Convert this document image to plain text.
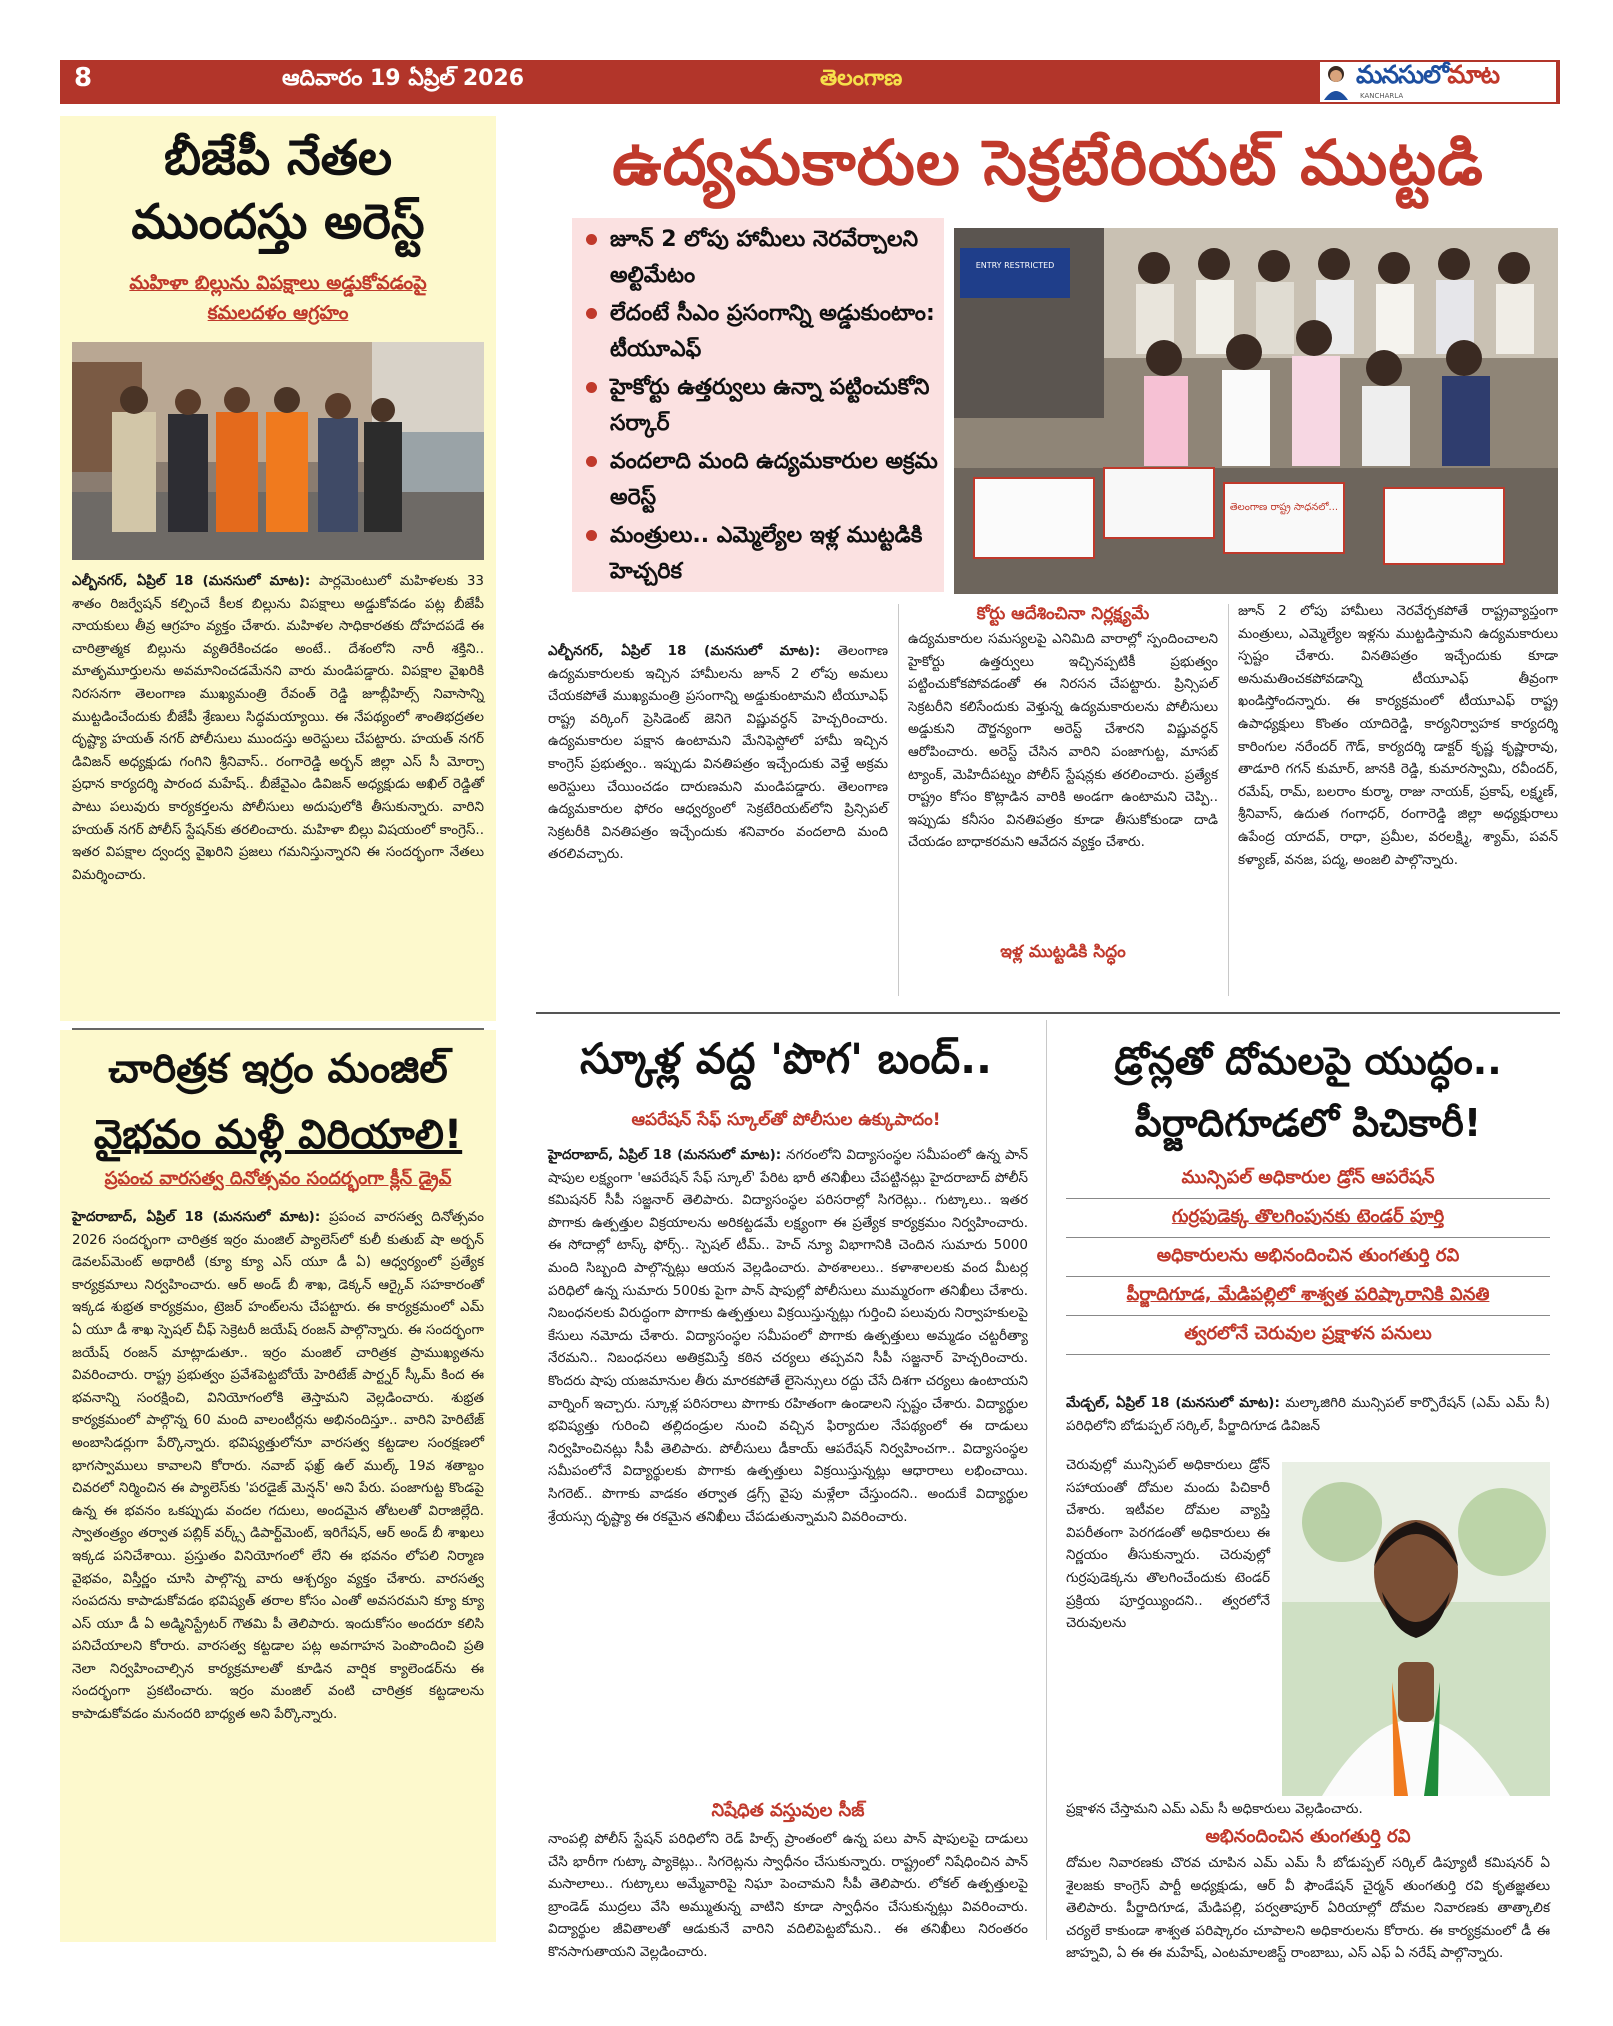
8	ఆదివారం 19 ఏప్రిల్ 2026	తెలంగాణ	మనసులోమాట
KANCHARLA
బీజేపీ నేతల
ముందస్తు అరెస్ట్
మహిళా బిల్లును విపక్షాలు అడ్డుకోవడంపై
కమలదళం ఆగ్రహం

ఎల్బీనగర్, ఏప్రిల్ 18 (మనసులో మాట): పార్లమెంటులో మహిళలకు 33 శాతం రిజర్వేషన్ కల్పించే కీలక బిల్లును విపక్షాలు అడ్డుకోవడం పట్ల బీజేపీ నాయకులు తీవ్ర ఆగ్రహం వ్యక్తం చేశారు. మహిళల సాధికారతకు దోహదపడే ఈ చారిత్రాత్మక బిల్లును వ్యతిరేకించడం అంటే.. దేశంలోని నారీ శక్తిని.. మాతృమూర్తులను అవమానించడమేనని వారు మండిపడ్డారు. విపక్షాల వైఖరికి నిరసనగా తెలంగాణ ముఖ్యమంత్రి రేవంత్ రెడ్డి జూబ్లీహిల్స్ నివాసాన్ని ముట్టడించేందుకు బీజేపీ శ్రేణులు సిద్ధమయ్యాయి. ఈ నేపథ్యంలో శాంతిభద్రతల దృష్ట్యా హయత్ నగర్ పోలీసులు ముందస్తు అరెస్టులు చేపట్టారు. హయత్ నగర్ డివిజన్ అధ్యక్షుడు గంగిని శ్రీనివాస్.. రంగారెడ్డి అర్బన్ జిల్లా ఎస్ సీ మోర్చా ప్రధాన కార్యదర్శి పారంద మహేష్.. బీజేవైఎం డివిజన్ అధ్యక్షుడు అఖిల్ రెడ్డితో పాటు పలువురు కార్యకర్తలను పోలీసులు అదుపులోకి తీసుకున్నారు. వారిని హయత్ నగర్ పోలీస్ స్టేషన్‌కు తరలించారు. మహిళా బిల్లు విషయంలో కాంగ్రెస్.. ఇతర విపక్షాల ద్వంద్వ వైఖరిని ప్రజలు గమనిస్తున్నారని ఈ సందర్భంగా నేతలు విమర్శించారు.

చారిత్రక ఇర్రం మంజిల్
వైభవం మళ్లీ విరియాలి!
ప్రపంచ వారసత్వ దినోత్సవం సందర్భంగా క్లీన్ డ్రైవ్

హైదరాబాద్, ఏప్రిల్ 18 (మనసులో మాట): ప్రపంచ వారసత్వ దినోత్సవం 2026 సందర్భంగా చారిత్రక ఇర్రం మంజిల్ ప్యాలెస్‌లో కులీ కుతుబ్ షా అర్బన్ డెవలప్‌మెంట్ అథారిటీ (క్యూ క్యూ ఎస్ యూ డీ ఏ) ఆధ్వర్యంలో ప్రత్యేక కార్యక్రమాలు నిర్వహించారు. ఆర్ అండ్ బీ శాఖ, డెక్కన్ ఆర్కైవ్ సహకారంతో ఇక్కడ శుభ్రత కార్యక్రమం, ట్రెజర్ హంట్‌లను చేపట్టారు. ఈ కార్యక్రమంలో ఎమ్ ఏ యూ డీ శాఖ స్పెషల్ చీఫ్ సెక్రెటరీ జయేష్ రంజన్ పాల్గొన్నారు. ఈ సందర్భంగా జయేష్ రంజన్ మాట్లాడుతూ.. ఇర్రం మంజిల్ చారిత్రక ప్రాముఖ్యతను వివరించారు. రాష్ట్ర ప్రభుత్వం ప్రవేశపెట్టబోయే హెరిటేజ్ పార్ట్నర్ స్కీమ్ కింద ఈ భవనాన్ని సంరక్షించి, వినియోగంలోకి తెస్తామని వెల్లడించారు. శుభ్రత కార్యక్రమంలో పాల్గొన్న 60 మంది వాలంటీర్లను అభినందిస్తూ.. వారిని హెరిటేజ్ అంబాసిడర్లుగా పేర్కొన్నారు. భవిష్యత్తులోనూ వారసత్వ కట్టడాల సంరక్షణలో భాగస్వాములు కావాలని కోరారు. నవాబ్ ఫఖ్ర్ ఉల్ ముల్క్ 19వ శతాబ్దం చివరలో నిర్మించిన ఈ ప్యాలెస్‌కు 'పరడైజ్ మెన్షన్' అని పేరు. పంజాగుట్ట కొండపై ఉన్న ఈ భవనం ఒకప్పుడు వందల గదులు, అందమైన తోటలతో విరాజిల్లేది. స్వాతంత్ర్యం తర్వాత పబ్లిక్ వర్క్స్ డిపార్ట్‌మెంట్, ఇరిగేషన్, ఆర్ అండ్ బీ శాఖలు ఇక్కడ పనిచేశాయి. ప్రస్తుతం వినియోగంలో లేని ఈ భవనం లోపలి నిర్మాణ వైభవం, విస్తీర్ణం చూసి పాల్గొన్న వారు ఆశ్చర్యం వ్యక్తం చేశారు. వారసత్వ సంపదను కాపాడుకోవడం భవిష్యత్ తరాల కోసం ఎంతో అవసరమని క్యూ క్యూ ఎస్ యూ డీ ఏ అడ్మినిస్ట్రేటర్ గౌతమి పీ తెలిపారు. ఇందుకోసం అందరూ కలిసి పనిచేయాలని కోరారు. వారసత్వ కట్టడాల పట్ల అవగాహన పెంపొందించి ప్రతి నెలా నిర్వహించాల్సిన కార్యక్రమాలతో కూడిన వార్షిక క్యాలెండర్‌ను ఈ సందర్భంగా ప్రకటించారు. ఇర్రం మంజిల్ వంటి చారిత్రక కట్టడాలను కాపాడుకోవడం మనందరి బాధ్యత అని పేర్కొన్నారు.

ఉద్యమకారుల సెక్రటేరియట్ ముట్టడి
జూన్ 2 లోపు హామీలు నెరవేర్చాలని అల్టిమేటం
లేదంటే సీఎం ప్రసంగాన్ని అడ్డుకుంటాం: టీయూఎఫ్
హైకోర్టు ఉత్తర్వులు ఉన్నా పట్టించుకోని సర్కార్
వందలాది మంది ఉద్యమకారుల అక్రమ అరెస్ట్
మంత్రులు.. ఎమ్మెల్యేల ఇళ్ల ముట్టడికి హెచ్చరిక
ENTRY RESTRICTED
తెలంగాణ రాష్ట్ర సాధనలో...

ఎల్బీనగర్, ఏప్రిల్ 18 (మనసులో మాట): తెలంగాణ ఉద్యమకారులకు ఇచ్చిన హామీలను జూన్ 2 లోపు అమలు చేయకపోతే ముఖ్యమంత్రి ప్రసంగాన్ని అడ్డుకుంటామని టీయూఎఫ్ రాష్ట్ర వర్కింగ్ ప్రెసిడెంట్ జెనిగె విష్ణువర్ధన్ హెచ్చరించారు. ఉద్యమకారుల పక్షాన ఉంటామని మేనిఫెస్టోలో హామీ ఇచ్చిన కాంగ్రెస్ ప్రభుత్వం.. ఇప్పుడు వినతిపత్రం ఇచ్చేందుకు వెళ్తే అక్రమ అరెస్టులు చేయించడం దారుణమని మండిపడ్డారు. తెలంగాణ ఉద్యమకారుల ఫోరం ఆధ్వర్యంలో సెక్రటేరియట్‌లోని ప్రిన్సిపల్ సెక్రటరీకి వినతిపత్రం ఇచ్చేందుకు శనివారం వందలాది మంది తరలివచ్చారు.

కోర్టు ఆదేశించినా నిర్లక్ష్యమే

ఉద్యమకారుల సమస్యలపై ఎనిమిది వారాల్లో స్పందించాలని హైకోర్టు ఉత్తర్వులు ఇచ్చినప్పటికీ ప్రభుత్వం పట్టించుకోకపోవడంతో ఈ నిరసన చేపట్టారు. ప్రిన్సిపల్ సెక్రటరీని కలిసేందుకు వెళ్తున్న ఉద్యమకారులను పోలీసులు అడ్డుకుని దౌర్జన్యంగా అరెస్ట్ చేశారని విష్ణువర్ధన్ ఆరోపించారు. అరెస్ట్ చేసిన వారిని పంజాగుట్ట, మాసబ్ ట్యాంక్, మెహిదీపట్నం పోలీస్ స్టేషన్లకు తరలించారు. ప్రత్యేక రాష్ట్రం కోసం కొట్లాడిన వారికి అండగా ఉంటామని చెప్పి.. ఇప్పుడు కనీసం వినతిపత్రం కూడా తీసుకోకుండా దాడి చేయడం బాధాకరమని ఆవేదన వ్యక్తం చేశారు.

ఇళ్ల ముట్టడికి సిద్ధం

జూన్ 2 లోపు హామీలు నెరవేర్చకపోతే రాష్ట్రవ్యాప్తంగా మంత్రులు, ఎమ్మెల్యేల ఇళ్లను ముట్టడిస్తామని ఉద్యమకారులు స్పష్టం చేశారు. వినతిపత్రం ఇచ్చేందుకు కూడా అనుమతించకపోవడాన్ని టీయూఎఫ్ తీవ్రంగా ఖండిస్తోందన్నారు. ఈ కార్యక్రమంలో టీయూఎఫ్ రాష్ట్ర ఉపాధ్యక్షులు కొంతం యాదిరెడ్డి, కార్యనిర్వాహక కార్యదర్శి కారింగుల నరేందర్ గౌడ్, కార్యదర్శి డాక్టర్ కృష్ణ కృష్ణారావు, తాడూరి గగన్ కుమార్, జానకి రెడ్డి, కుమారస్వామి, రవీందర్, రమేష్, రామ్, బలరాం కుర్మా, రాజు నాయక్, ప్రకాష్, లక్ష్మణ్, శ్రీనివాస్, ఉదుత గంగాధర్, రంగారెడ్డి జిల్లా అధ్యక్షురాలు ఉపేంద్ర యాదవ్, రాధా, ప్రమీల, వరలక్ష్మి, శ్యామ్, పవన్ కళ్యాణ్, వనజ, పద్మ, అంజలి పాల్గొన్నారు.

స్కూళ్ల వద్ద 'పొగ' బంద్..
ఆపరేషన్ సేఫ్ స్కూల్‌తో పోలీసుల ఉక్కుపాదం!

హైదరాబాద్, ఏప్రిల్ 18 (మనసులో మాట): నగరంలోని విద్యాసంస్థల సమీపంలో ఉన్న పాన్ షాపుల లక్ష్యంగా 'ఆపరేషన్ సేఫ్ స్కూల్' పేరిట భారీ తనిఖీలు చేపట్టినట్లు హైదరాబాద్ పోలీస్ కమిషనర్ సీపీ సజ్జనార్ తెలిపారు. విద్యాసంస్థల పరిసరాల్లో సిగరెట్లు.. గుట్కాలు.. ఇతర పొగాకు ఉత్పత్తుల విక్రయాలను అరికట్టడమే లక్ష్యంగా ఈ ప్రత్యేక కార్యక్రమం నిర్వహించారు. ఈ సోదాల్లో టాస్క్ ఫోర్స్.. స్పెషల్ టీమ్.. హెచ్ న్యూ విభాగానికి చెందిన సుమారు 5000 మంది సిబ్బంది పాల్గొన్నట్లు ఆయన వెల్లడించారు. పాఠశాలలు.. కళాశాలలకు వంద మీటర్ల పరిధిలో ఉన్న సుమారు 500కు పైగా పాన్ షాపుల్లో పోలీసులు ముమ్మరంగా తనిఖీలు చేశారు. నిబంధనలకు విరుద్ధంగా పొగాకు ఉత్పత్తులు విక్రయిస్తున్నట్లు గుర్తించి పలువురు నిర్వాహకులపై కేసులు నమోదు చేశారు. విద్యాసంస్థల సమీపంలో పొగాకు ఉత్పత్తులు అమ్మడం చట్టరీత్యా నేరమని.. నిబంధనలు అతిక్రమిస్తే కఠిన చర్యలు తప్పవని సీపీ సజ్జనార్ హెచ్చరించారు. కొందరు షాపు యజమానుల తీరు మారకపోతే లైసెన్సులు రద్దు చేసే దిశగా చర్యలు ఉంటాయని వార్నింగ్ ఇచ్చారు. స్కూళ్ల పరిసరాలు పొగాకు రహితంగా ఉండాలని స్పష్టం చేశారు. విద్యార్థుల భవిష్యత్తు గురించి తల్లిదండ్రుల నుంచి వచ్చిన ఫిర్యాదుల నేపథ్యంలో ఈ దాడులు నిర్వహించినట్లు సీపీ తెలిపారు. పోలీసులు డీకాయ్ ఆపరేషన్ నిర్వహించగా.. విద్యాసంస్థల సమీపంలోనే విద్యార్థులకు పొగాకు ఉత్పత్తులు విక్రయిస్తున్నట్లు ఆధారాలు లభించాయి. సిగరెట్.. పొగాకు వాడకం తర్వాత డ్రగ్స్ వైపు మళ్లేలా చేస్తుందని.. అందుకే విద్యార్థుల శ్రేయస్సు దృష్ట్యా ఈ రకమైన తనిఖీలు చేపడుతున్నామని వివరించారు.

నిషేధిత వస్తువుల సీజ్

నాంపల్లి పోలీస్ స్టేషన్ పరిధిలోని రెడ్ హిల్స్ ప్రాంతంలో ఉన్న పలు పాన్ షాపులపై దాడులు చేసి భారీగా గుట్కా ప్యాకెట్లు.. సిగరెట్లను స్వాధీనం చేసుకున్నారు. రాష్ట్రంలో నిషేధించిన పాన్ మసాలాలు.. గుట్కాలు అమ్మేవారిపై నిఘా పెంచామని సీపీ తెలిపారు. లోకల్ ఉత్పత్తులపై బ్రాండెడ్ ముద్రలు వేసి అమ్ముతున్న వాటిని కూడా స్వాధీనం చేసుకున్నట్లు వివరించారు. విద్యార్థుల జీవితాలతో ఆడుకునే వారిని వదిలిపెట్టబోమని.. ఈ తనిఖీలు నిరంతరం కొనసాగుతాయని వెల్లడించారు.

డ్రోన్లతో దోమలపై యుద్ధం..
పీర్జాదిగూడలో పిచికారీ!
మున్సిపల్ అధికారుల డ్రోన్ ఆపరేషన్
గుర్రపుడెక్క తొలగింపునకు టెండర్ పూర్తి
అధికారులను అభినందించిన తుంగతుర్తి రవి
పీర్జాదిగూడ, మేడిపల్లిలో శాశ్వత పరిష్కారానికి వినతి
త్వరలోనే చెరువుల ప్రక్షాళన పనులు

మేడ్చల్, ఏప్రిల్ 18 (మనసులో మాట): మల్కాజిగిరి మున్సిపల్ కార్పొరేషన్ (ఎమ్ ఎమ్ సీ) పరిధిలోని బోడుప్పల్ సర్కిల్, పీర్జాదిగూడ డివిజన్

చెరువుల్లో మున్సిపల్ అధికారులు డ్రోన్ సహాయంతో దోమల మందు పిచికారీ చేశారు. ఇటీవల దోమల వ్యాప్తి విపరీతంగా పెరగడంతో అధికారులు ఈ నిర్ణయం తీసుకున్నారు. చెరువుల్లో గుర్రపుడెక్కను తొలగించేందుకు టెండర్ ప్రక్రియ పూర్తయ్యిందని.. త్వరలోనే చెరువులను

ప్రక్షాళన చేస్తామని ఎమ్ ఎమ్ సీ అధికారులు వెల్లడించారు.

అభినందించిన తుంగతుర్తి రవి

దోమల నివారణకు చొరవ చూపిన ఎమ్ ఎమ్ సీ బోడుప్పల్ సర్కిల్ డిప్యూటీ కమిషనర్ ఏ శైలజకు కాంగ్రెస్ పార్టీ అధ్యక్షుడు, ఆర్ వీ ఫౌండేషన్ చైర్మన్ తుంగతుర్తి రవి కృతజ్ఞతలు తెలిపారు. పీర్జాదిగూడ, మేడిపల్లి, పర్వతాపూర్ ఏరియాల్లో దోమల నివారణకు తాత్కాలిక చర్యలే కాకుండా శాశ్వత పరిష్కారం చూపాలని అధికారులను కోరారు. ఈ కార్యక్రమంలో డీ ఈ జాహ్నవి, ఏ ఈ ఈ మహేష్, ఎంటమాలజిస్ట్ రాంబాబు, ఎస్ ఎఫ్ ఏ నరేష్ పాల్గొన్నారు.
